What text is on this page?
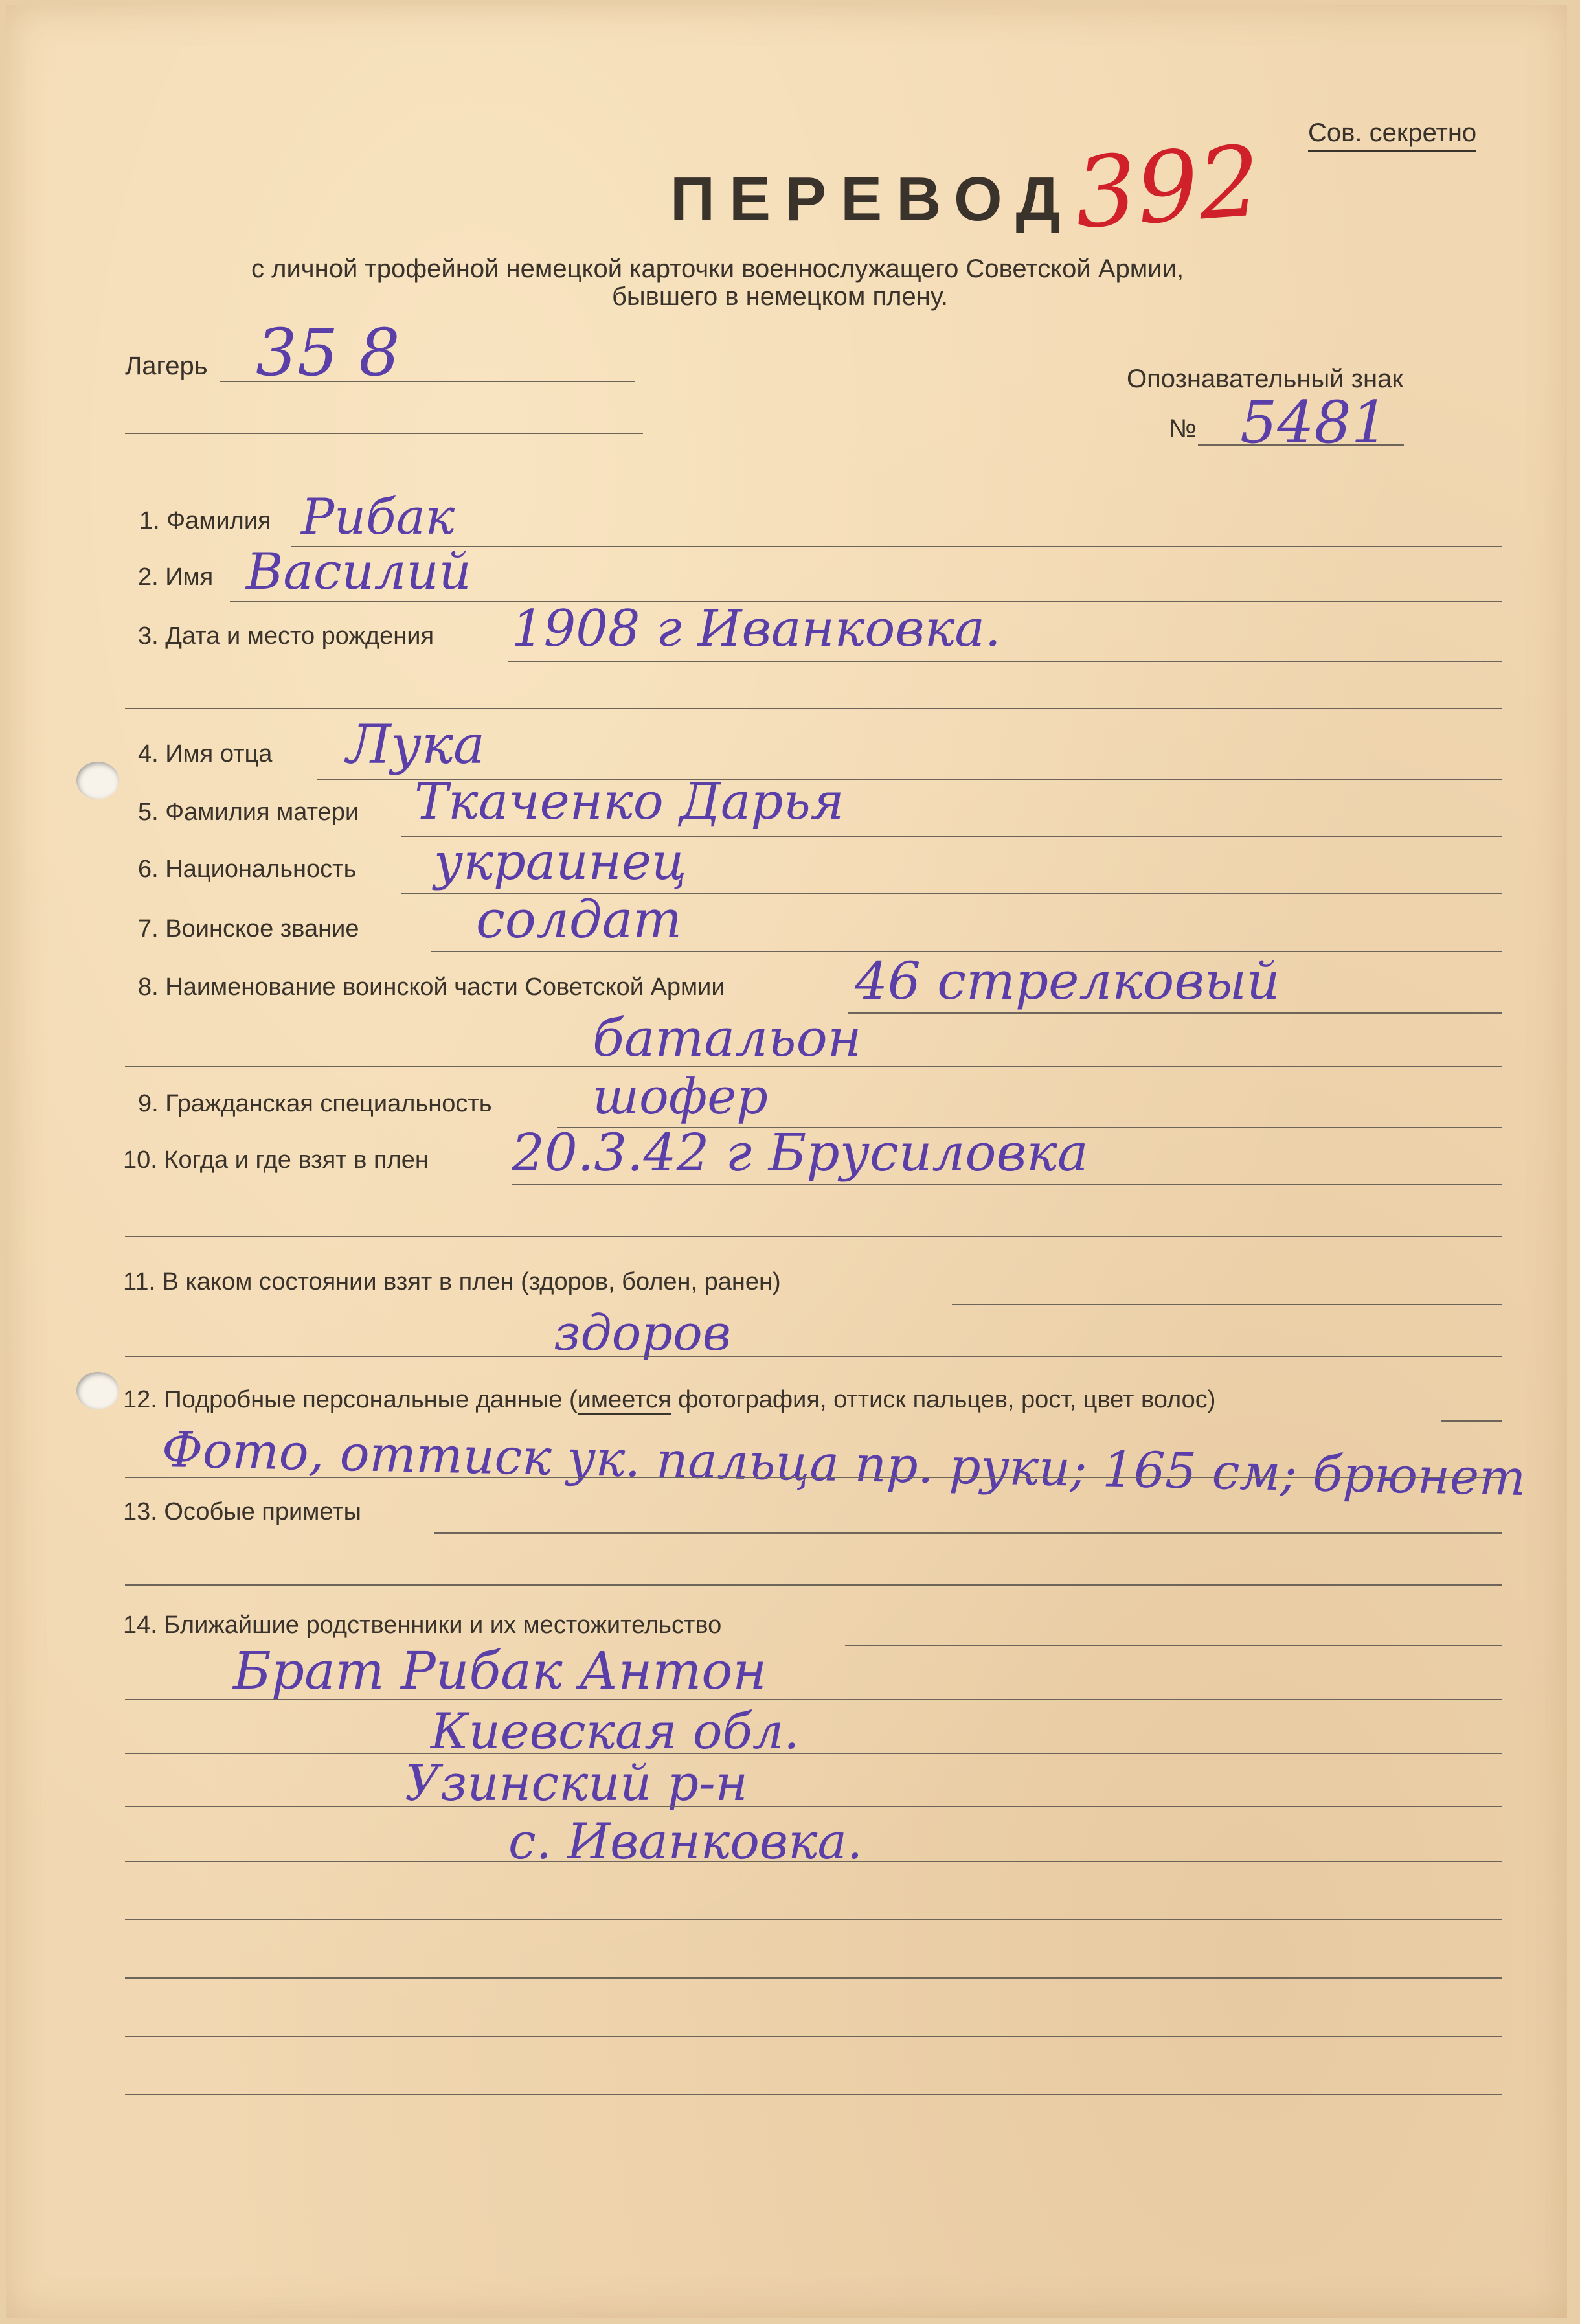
Сов. секретно
ПЕРЕВОД
392
с личной трофейной немецкой карточки военнослужащего Советской Армии,
бывшего в немецком плену.
Лагерь 35 8	Опознавательный знак
№ 5481
1. Фамилия Рибак
2. Имя Василий
3. Дата и место рождения 1908 г Иванковка.
4. Имя отца Лука
5. Фамилия матери Ткаченко Дарья
6. Национальность украинец
7. Воинское звание солдат
8. Наименование воинской части Советской Армии	46 стрелковый
батальон
9. Гражданская специальность шофер
10. Когда и где взят в плен 20.3.42 г Брусиловка
11. В каком состоянии взят в плен (здоров, болен, ранен)
здоров
12. Подробные персональные данные (имеется фотография, оттиск пальцев, рост, цвет волос)
Фото, оттиск ук. пальца пр. руки; 165 см; брюнет
13. Особые приметы
14. Ближайшие родственники и их местожительство
Брат Рибак Антон
Киевская обл.
Узинский р-н
с. Иванковка.
